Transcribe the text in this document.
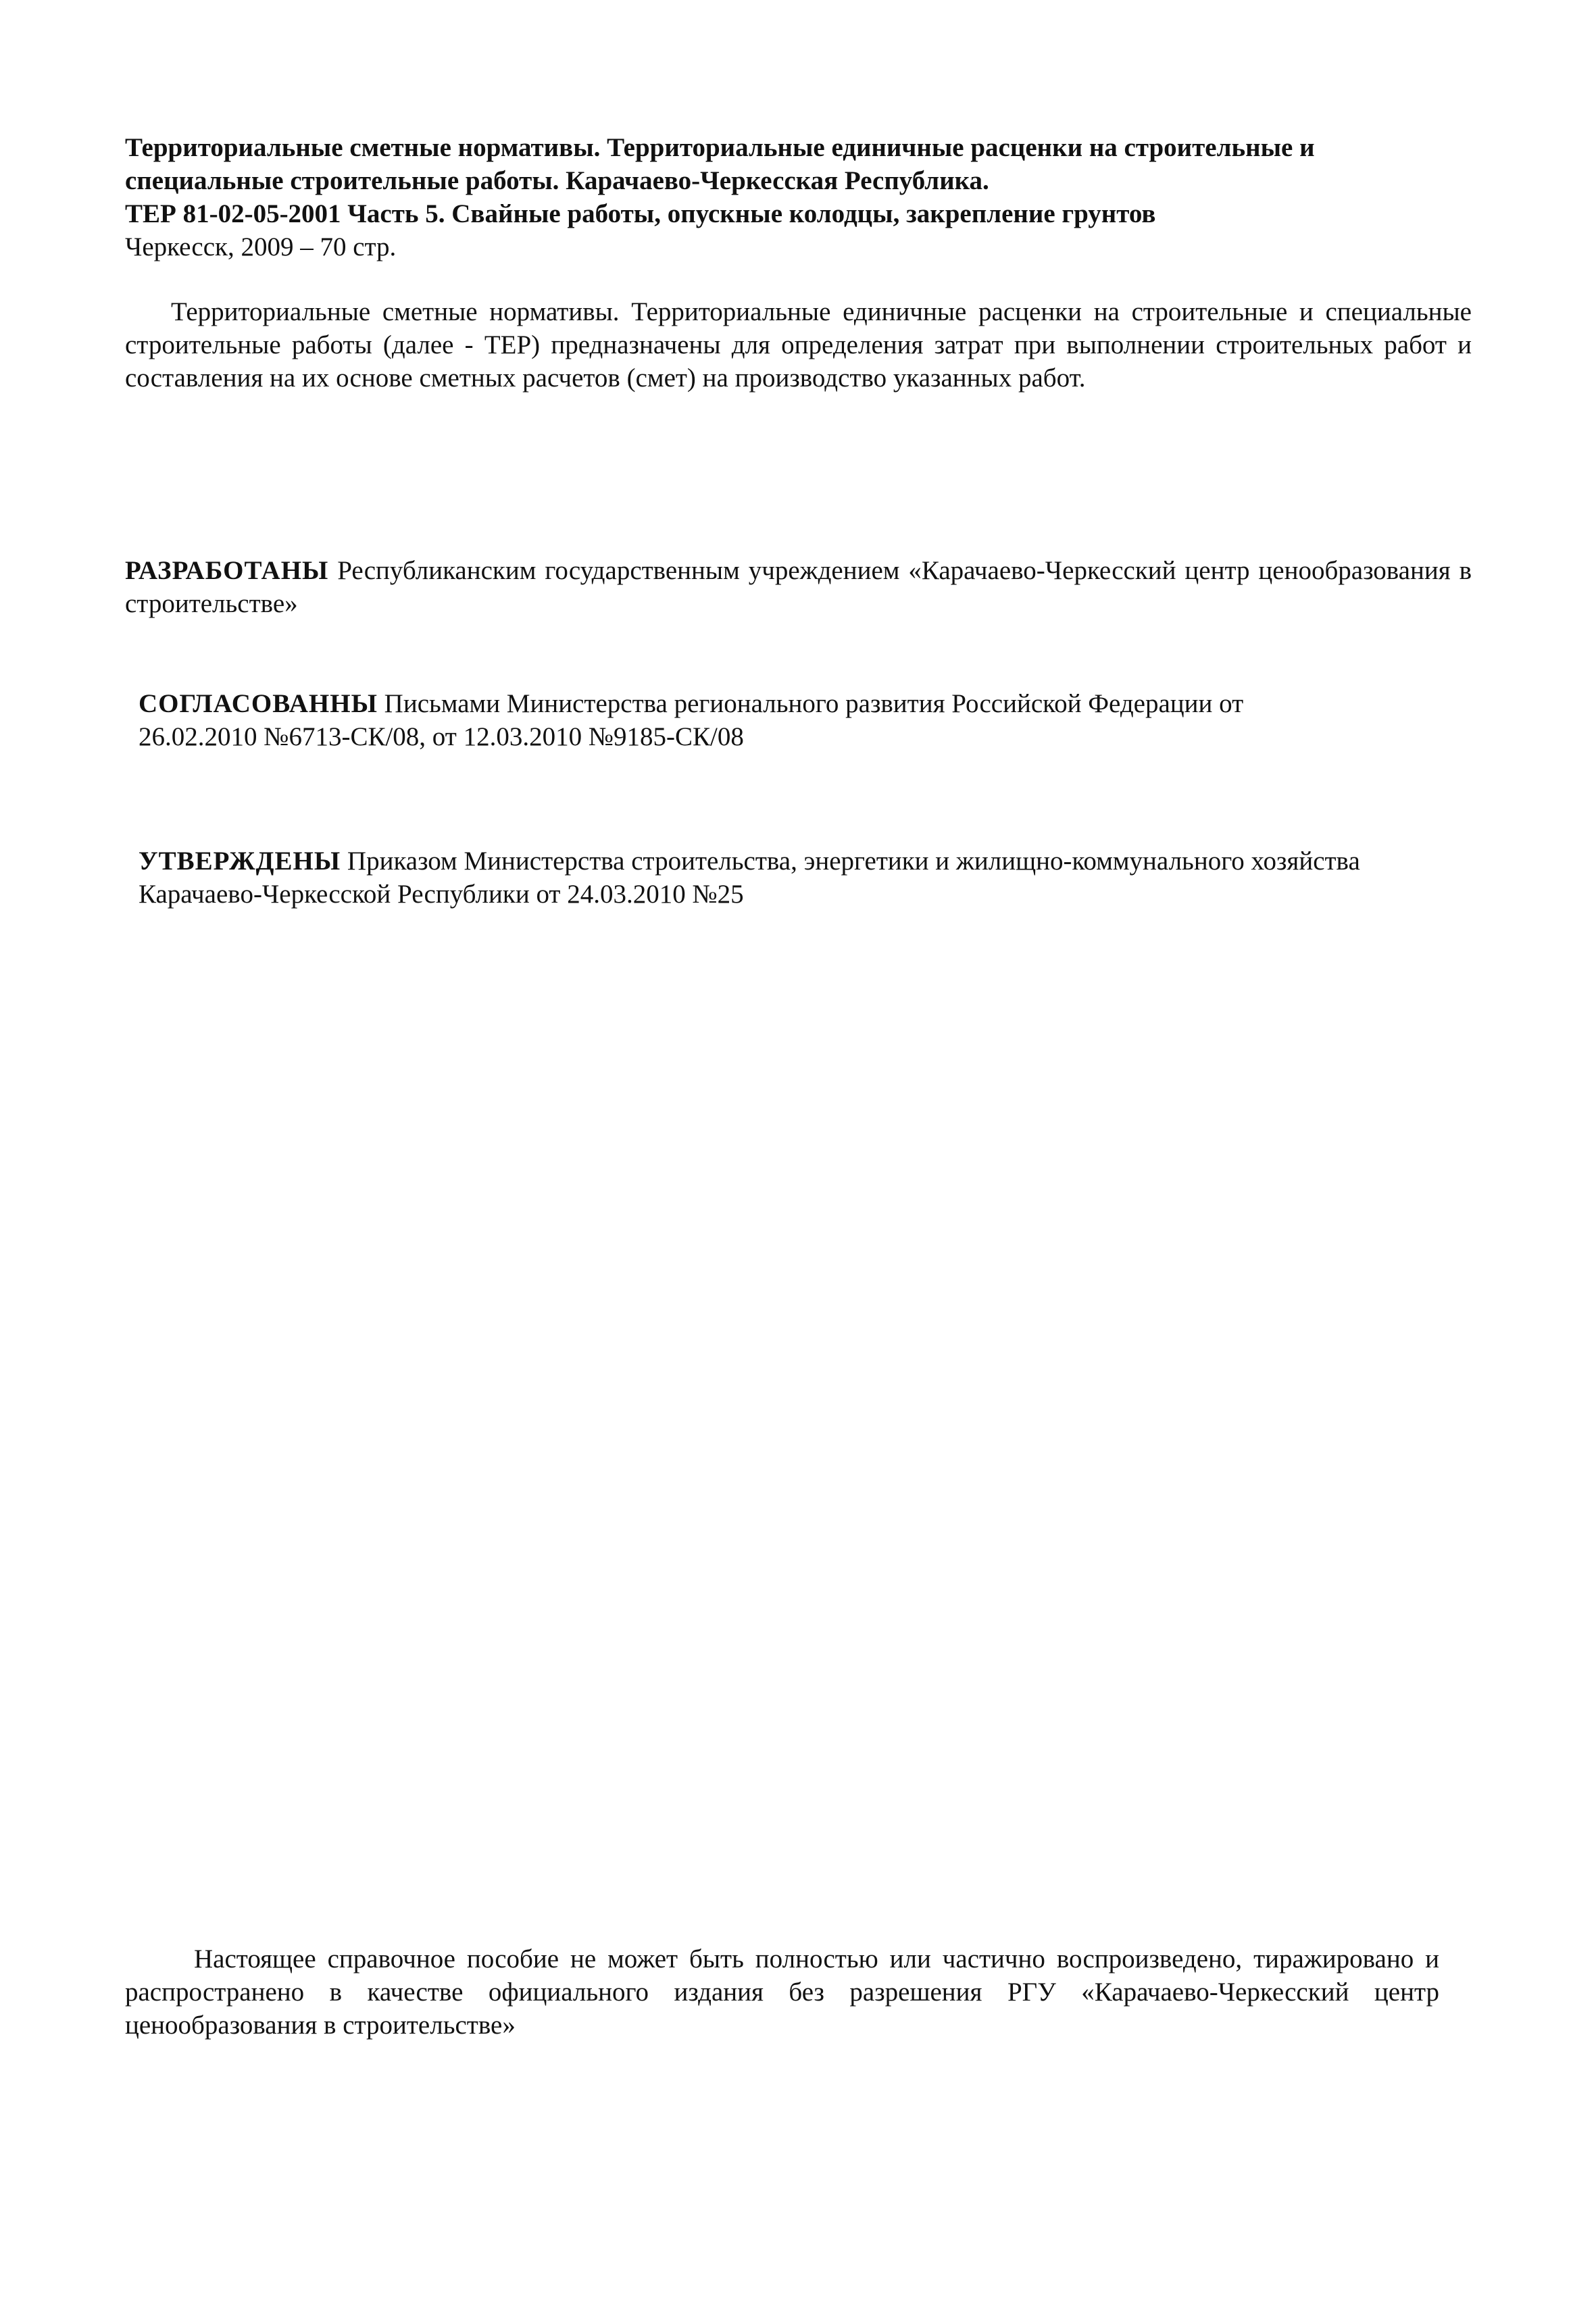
Территориальные сметные нормативы. Территориальные единичные расценки на строительные и
специальные строительные работы. Карачаево-Черкесская Республика.
ТЕР 81-02-05-2001 Часть 5. Свайные работы, опускные колодцы, закрепление грунтов
Черкесск, 2009 – 70 стр.

Территориальные сметные нормативы. Территориальные единичные расценки на строительные и специальные строительные работы (далее - ТЕР) предназначены для определения затрат при выполнении строительных работ и составления на их основе сметных расчетов (смет) на производство указанных работ.

РАЗРАБОТАНЫ Республиканским государственным учреждением «Карачаево-Черкесский центр ценообразования в строительстве»

СОГЛАСОВАННЫ Письмами Министерства регионального развития Российской Федерации от
26.02.2010 №6713-СК/08, от 12.03.2010 №9185-СК/08
УТВЕРЖДЕНЫ Приказом Министерства строительства, энергетики и жилищно-коммунального хозяйства
Карачаево-Черкесской Республики от 24.03.2010 №25

Настоящее справочное пособие не может быть полностью или частично воспроизведено, тиражировано и распространено в качестве официального издания без разрешения РГУ «Карачаево-Черкесский центр ценообразования в строительстве»
